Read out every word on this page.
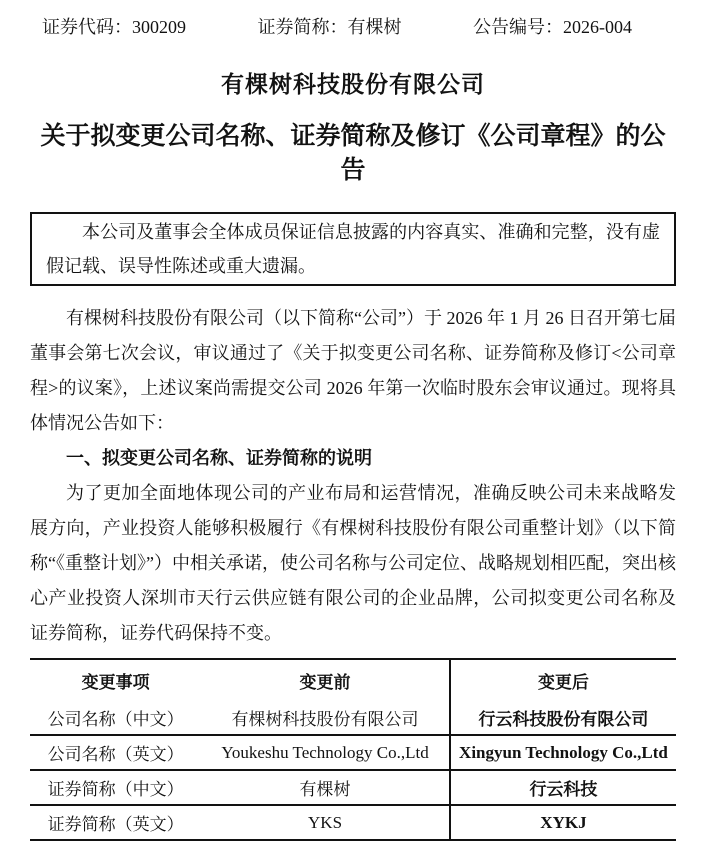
证券代码：300209	证券简称：有棵树	公告编号：2026-004
有棵树科技股份有限公司
关于拟变更公司名称、证券简称及修订《公司章程》的公告

本公司及董事会全体成员保证信息披露的内容真实、准确和完整，没有虚假记载、误导性陈述或重大遗漏。

有棵树科技股份有限公司（以下简称“公司”）于 2026 年 1 月 26 日召开第七届董事会第七次会议，审议通过了《关于拟变更公司名称、证券简称及修订<公司章程>的议案》，上述议案尚需提交公司 2026 年第一次临时股东会审议通过。现将具体情况公告如下：

一、拟变更公司名称、证券简称的说明

为了更加全面地体现公司的产业布局和运营情况，准确反映公司未来战略发展方向，产业投资人能够积极履行《有棵树科技股份有限公司重整计划》（以下简称“《重整计划》”）中相关承诺，使公司名称与公司定位、战略规划相匹配，突出核心产业投资人深圳市天行云供应链有限公司的企业品牌，公司拟变更公司名称及证券简称，证券代码保持不变。

变更事项	变更前	变更后
公司名称（中文）	有棵树科技股份有限公司	行云科技股份有限公司
公司名称（英文）	Youkeshu Technology Co.,Ltd	Xingyun Technology Co.,Ltd
证券简称（中文）	有棵树	行云科技
证券简称（英文）	YKS	XYKJ
